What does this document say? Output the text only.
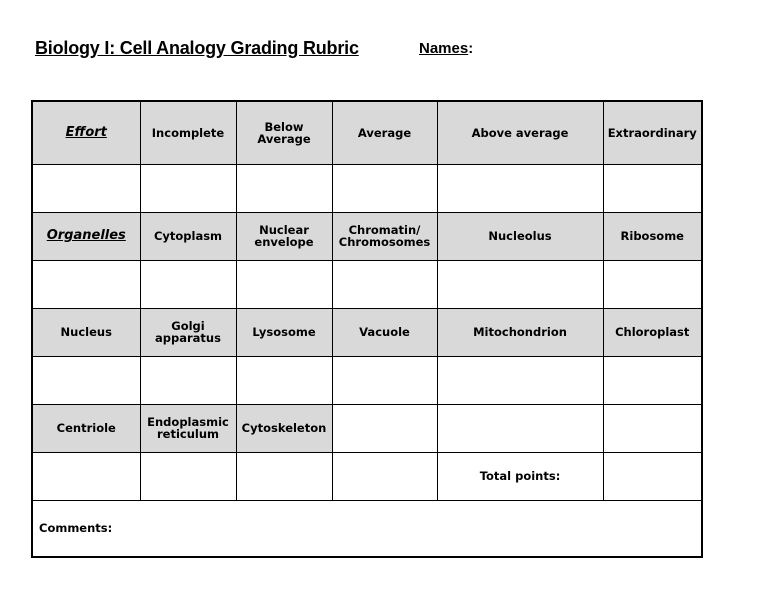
Biology I: Cell Analogy Grading Rubric	Names:
Effort	Incomplete	Below Average	Average	Above average	Extraordinary

Organelles	Cytoplasm	Nuclear envelope	Chromatin/ Chromosomes	Nucleolus	Ribosome

Nucleus	Golgi apparatus	Lysosome	Vacuole	Mitochondrion	Chloroplast

Centriole	Endoplasmic reticulum	Cytoskeleton			
				Total points:	
Comments:					
